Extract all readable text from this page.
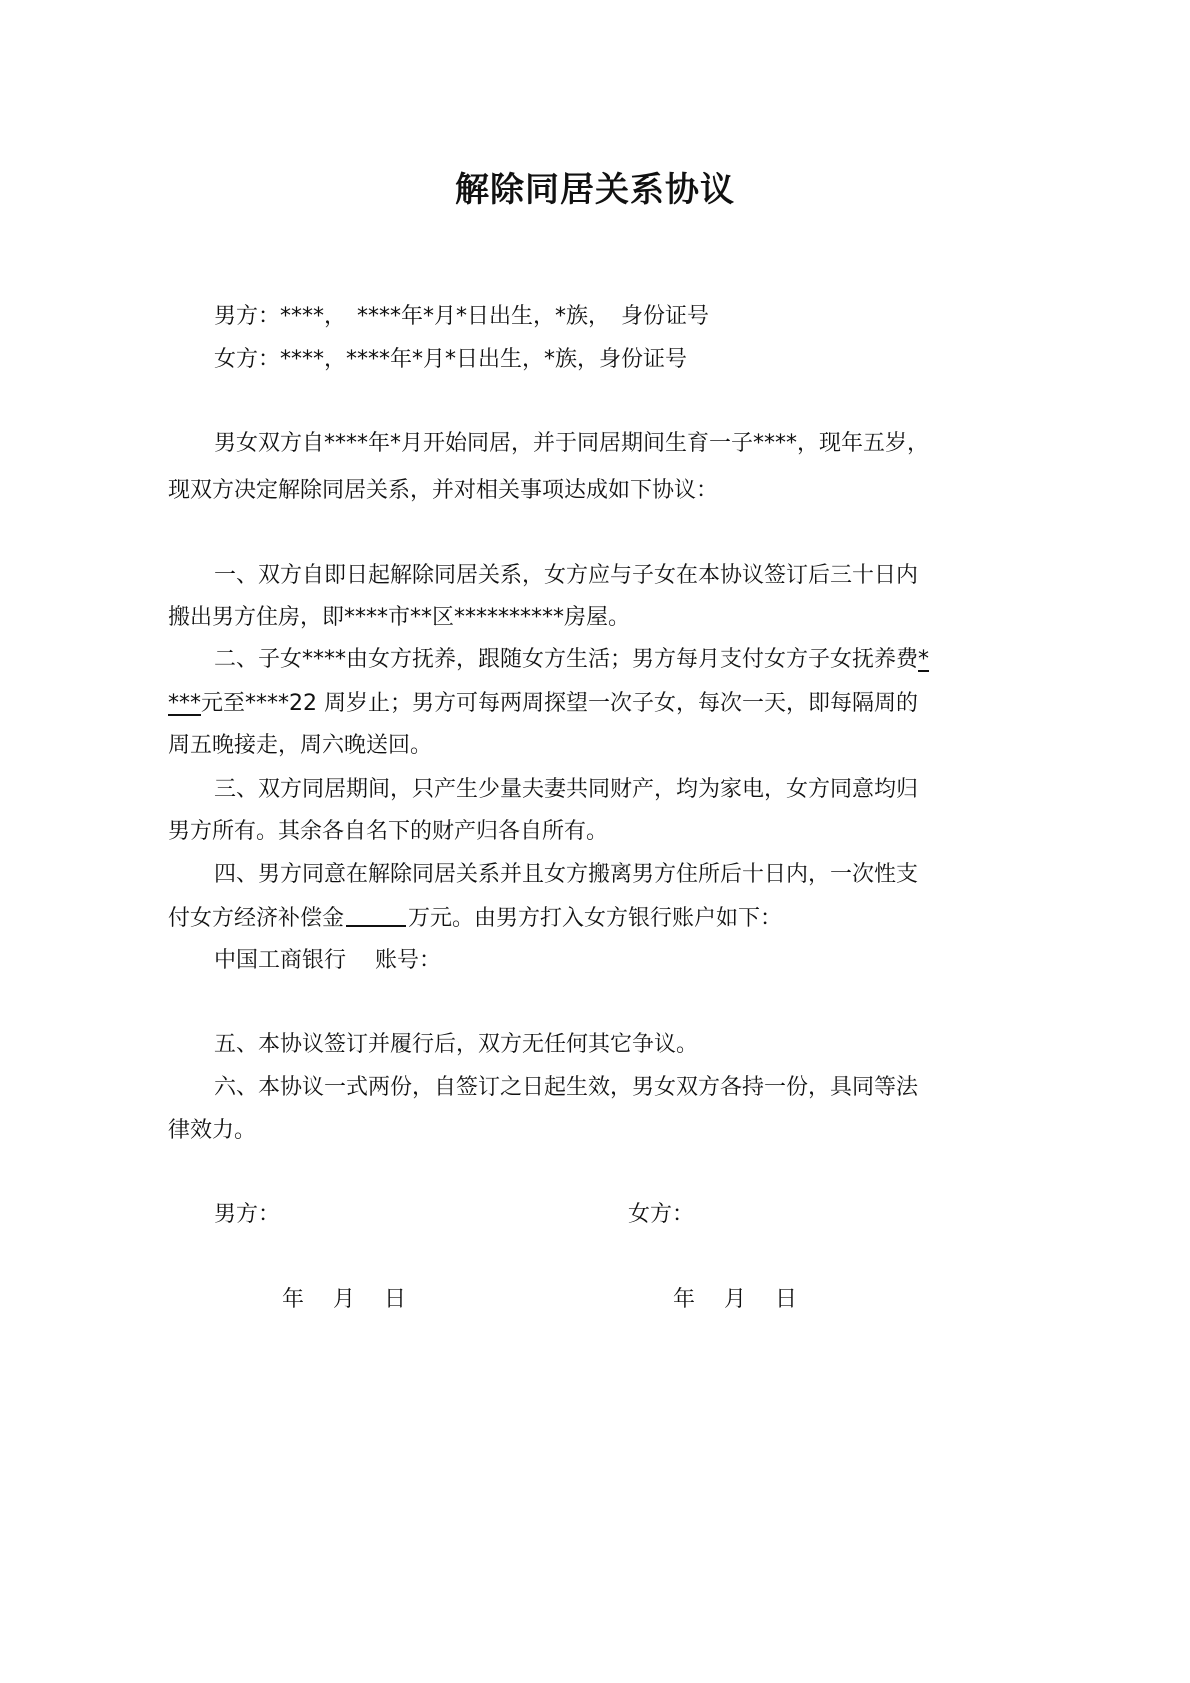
解除同居关系协议
男方：****，　****年*月*日出生，*族，　身份证号
女方：****，****年*月*日出生，*族，身份证号
男女双方自****年*月开始同居，并于同居期间生育一子****，现年五岁，
现双方决定解除同居关系，并对相关事项达成如下协议：
一、双方自即日起解除同居关系，女方应与子女在本协议签订后三十日内
搬出男方住房，即****市**区**********房屋。
二、子女****由女方抚养，跟随女方生活；男方每月支付女方子女抚养费*
***元至****22 周岁止；男方可每两周探望一次子女，每次一天，即每隔周的
周五晚接走，周六晚送回。
三、双方同居期间，只产生少量夫妻共同财产，均为家电，女方同意均归
男方所有。其余各自名下的财产归各自所有。
四、男方同意在解除同居关系并且女方搬离男方住所后十日内，一次性支
付女方经济补偿金	万元。由男方打入女方银行账户如下：
中国工商银行　 账号：
五、本协议签订并履行后，双方无任何其它争议。
六、本协议一式两份，自签订之日起生效，男女双方各持一份，具同等法
律效力。
男方：	女方：
年　 月　 日	年　 月　 日
